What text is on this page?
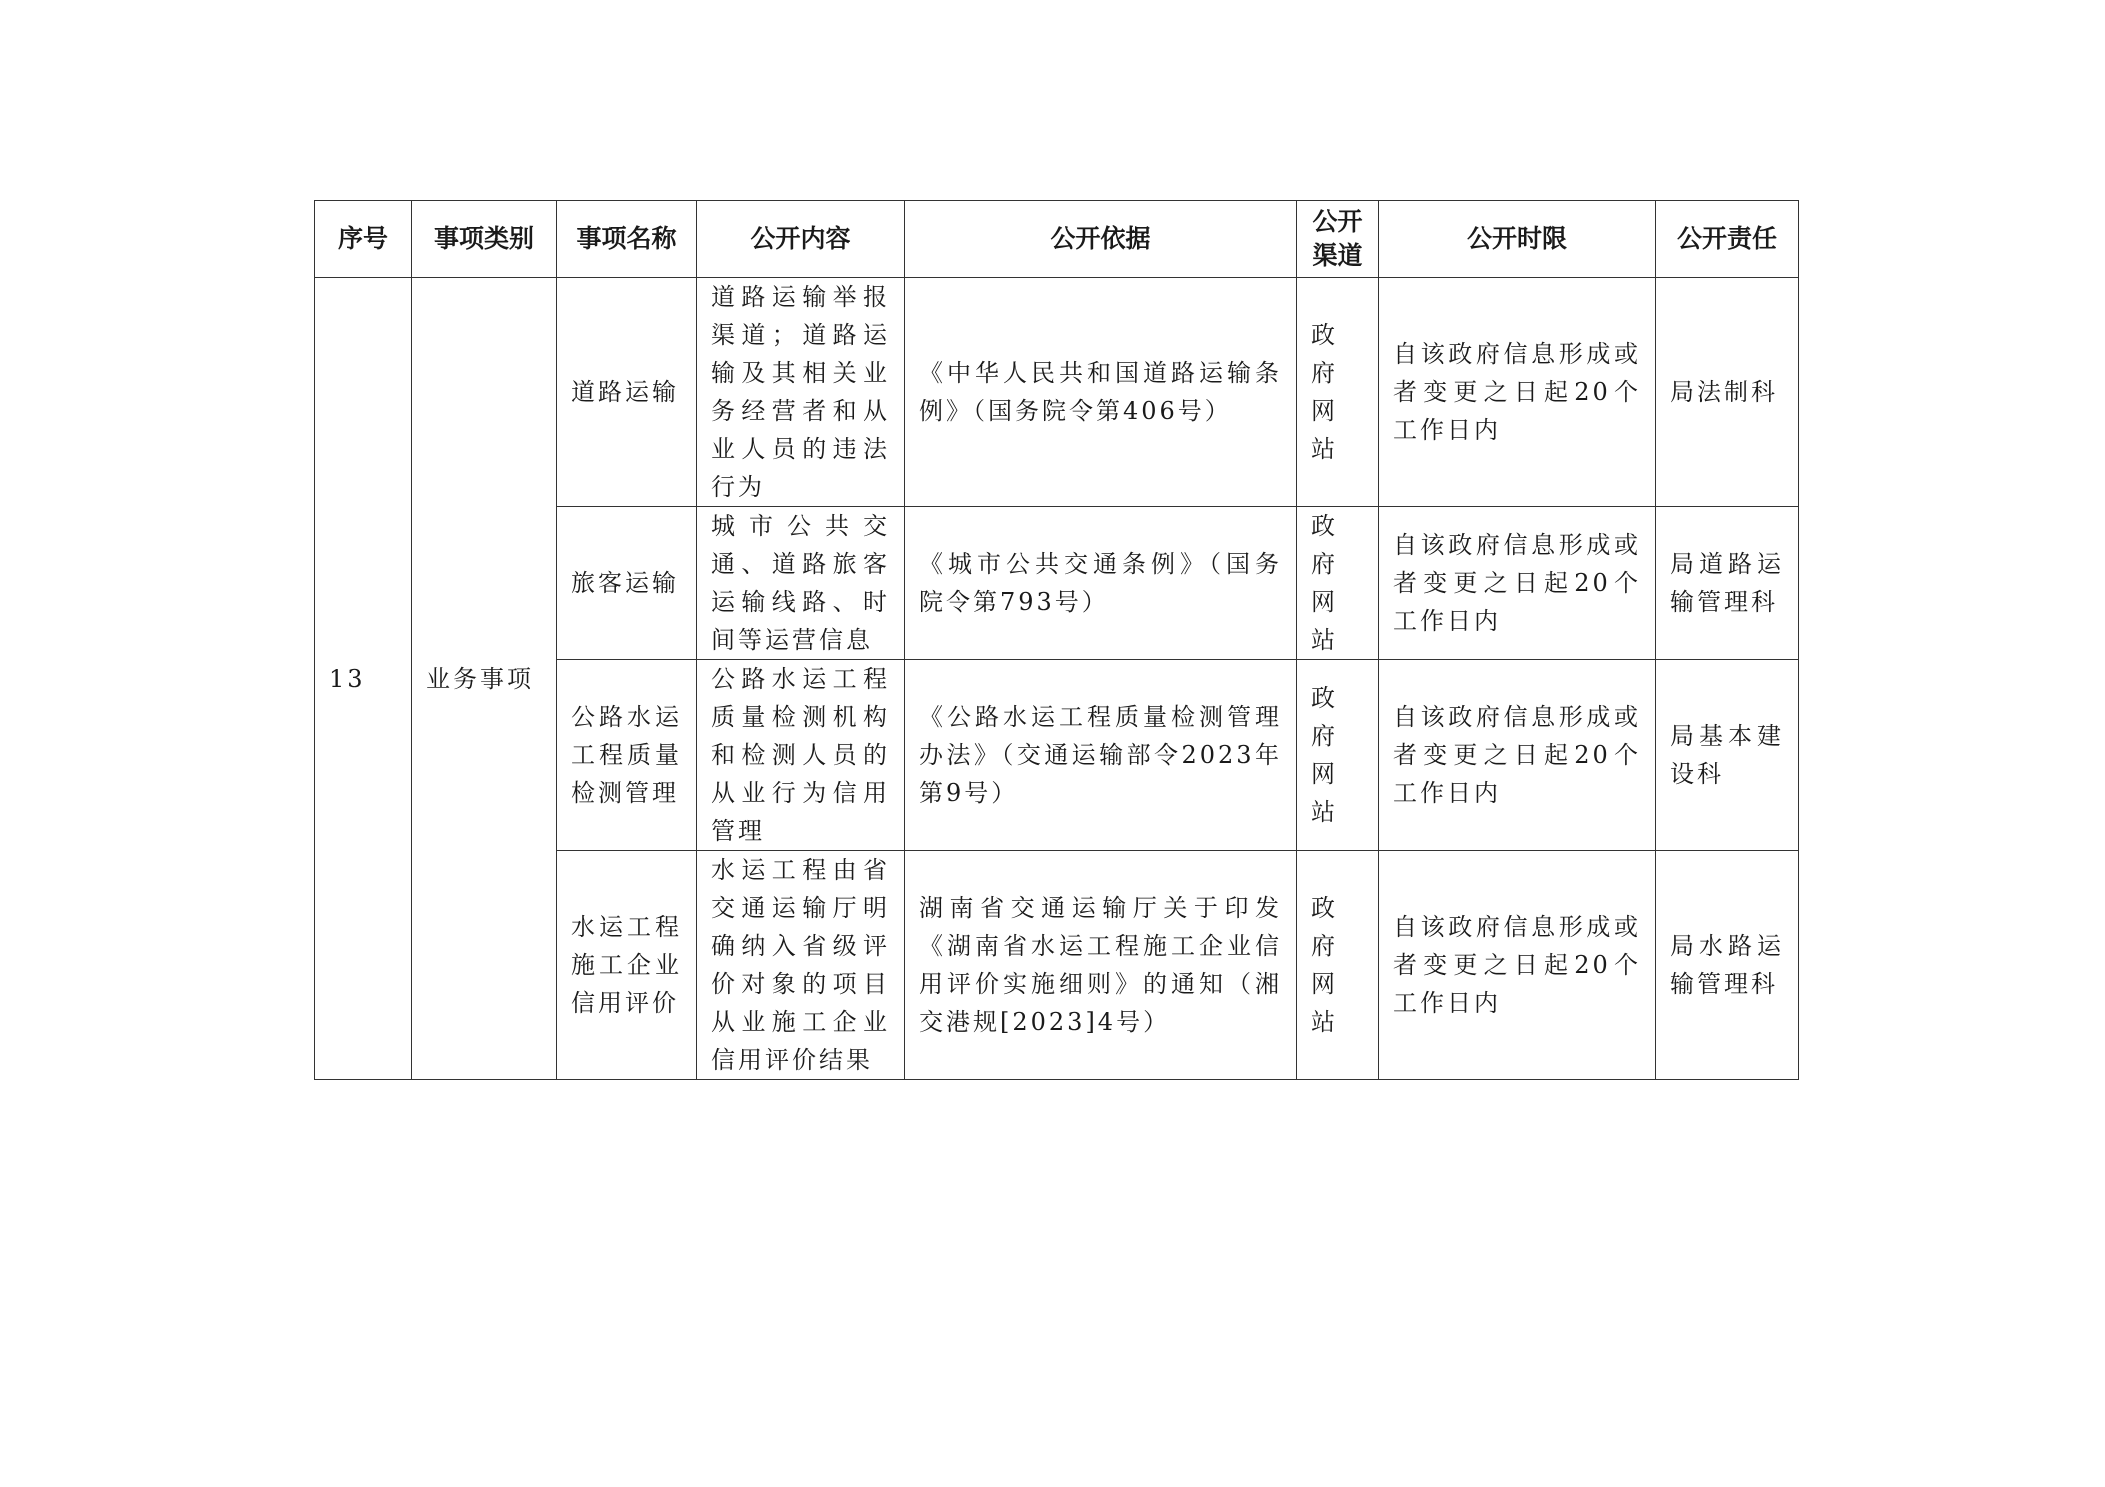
序号	事项类别	事项名称	公开内容	公开依据	公开渠道	公开时限	公开责任
13	业务事项	道路运输	道路运输举报渠道；道路运输及其相关业务经营者和从业人员的违法行为	《中华人民共和国道路运输条例》（国务院令第406号）	政府网站	自该政府信息形成或者变更之日起20个工作日内	局法制科
		旅客运输	城市公共交通、道路旅客运输线路、时间等运营信息	《城市公共交通条例》（国务院令第793号）	政府网站	自该政府信息形成或者变更之日起20个工作日内	局道路运输管理科
		公路水运工程质量检测管理	公路水运工程质量检测机构和检测人员的从业行为信用管理	《公路水运工程质量检测管理办法》（交通运输部令2023年第9号）	政府网站	自该政府信息形成或者变更之日起20个工作日内	局基本建设科
		水运工程施工企业信用评价	水运工程由省交通运输厅明确纳入省级评价对象的项目从业施工企业信用评价结果	湖南省交通运输厅关于印发《湖南省水运工程施工企业信用评价实施细则》的通知（湘交港规[2023]4号）	政府网站	自该政府信息形成或者变更之日起20个工作日内	局水路运输管理科
